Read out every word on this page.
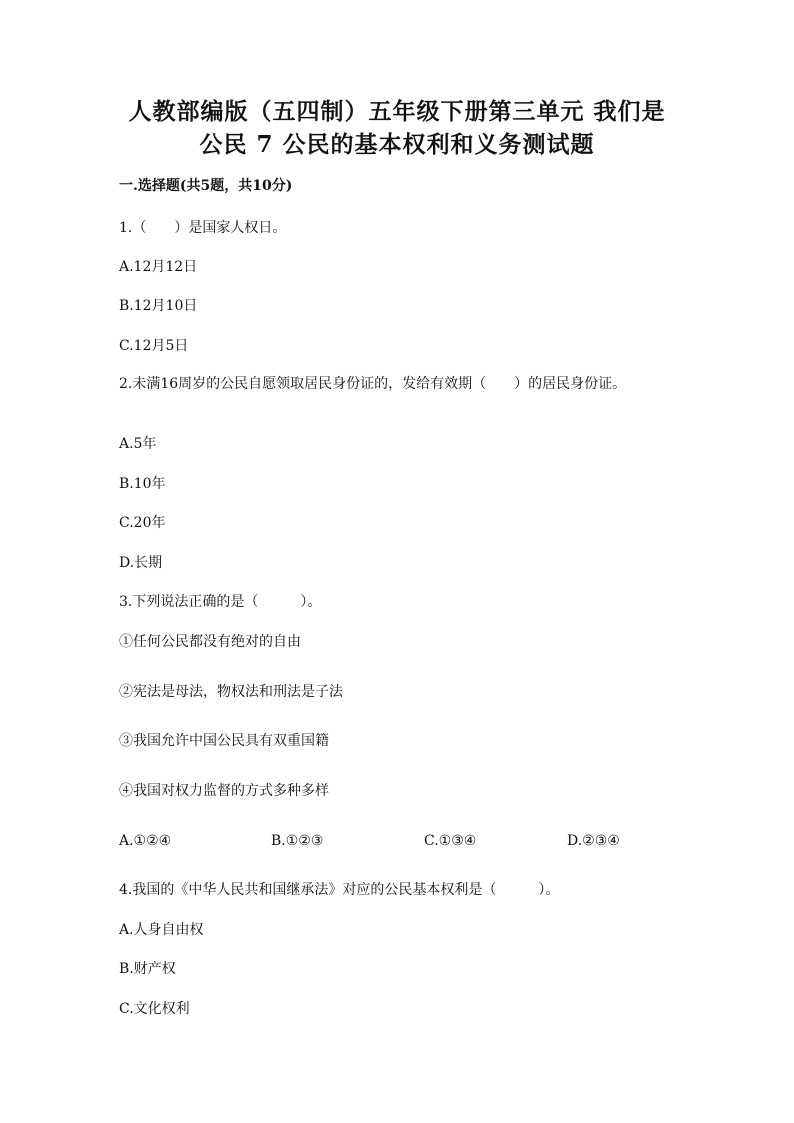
人教部编版（五四制）五年级下册第三单元 我们是
公民 7 公民的基本权利和义务测试题
一.选择题(共5题，共10分)
1.（　　）是国家人权日。
A.12月12日
B.12月10日
C.12月5日
2.未满16周岁的公民自愿领取居民身份证的，发给有效期（　　）的居民身份证。
A.5年
B.10年
C.20年
D.长期
3.下列说法正确的是（　　　）。
①任何公民都没有绝对的自由
②宪法是母法，物权法和刑法是子法
③我国允许中国公民具有双重国籍
④我国对权力监督的方式多种多样
A.①②④	B.①②③	C.①③④	D.②③④
4.我国的《中华人民共和国继承法》对应的公民基本权利是（　　　）。
A.人身自由权
B.财产权
C.文化权利
